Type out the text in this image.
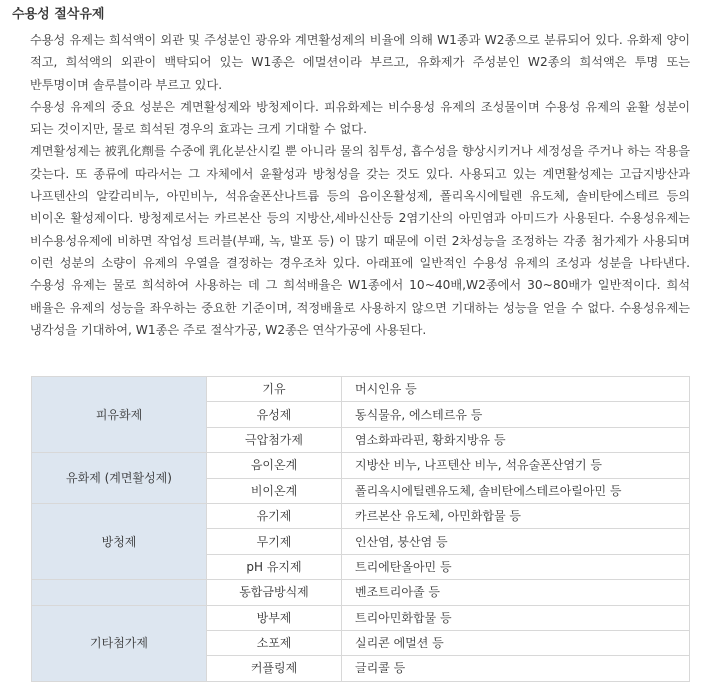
수용성 절삭유제

수용성 유제는 희석액이 외관 및 주성분인 광유와 계면활성제의 비율에 의해 W1종과 W2종으로 분류되어 있다. 유화제 양이 적고, 희석액의 외관이 백탁되어 있는 W1종은 에멀션이라 부르고, 유화제가 주성분인 W2종의 희석액은 투명 또는 반투명이며 솔루블이라 부르고 있다.

수용성 유제의 중요 성분은 계면활성제와 방청제이다. 피유화제는 비수용성 유제의 조성물이며 수용성 유제의 윤활 성분이 되는 것이지만, 물로 희석된 경우의 효과는 크게 기대할 수 없다.

계면활성제는 被乳化劑를 수중에 乳化분산시킬 뿐 아니라 물의 침투성, 흡수성을 향상시키거나 세정성을 주거나 하는 작용을 갖는다. 또 종류에 따라서는 그 자체에서 윤활성과 방청성을 갖는 것도 있다. 사용되고 있는 계면활성제는 고급지방산과 나프텐산의 알칼리비누, 아민비누, 석유술폰산나트륨 등의 음이온활성제, 폴리옥시에틸렌 유도체, 솔비탄에스테르 등의 비이온 활성제이다. 방청제로서는 카르본산 등의 지방산,세바신산등 2염기산의 아민염과 아미드가 사용된다. 수용성유제는 비수용성유제에 비하면 작업성 트러블(부패, 녹, 발포 등) 이 많기 때문에 이런 2차성능을 조정하는 각종 첨가제가 사용되며 이런 성분의 소량이 유제의 우열을 결정하는 경우조차 있다. 아래표에 일반적인 수용성 유제의 조성과 성분을 나타낸다. 수용성 유제는 물로 희석하여 사용하는 데 그 희석배율은 W1종에서 10~40배,W2종에서 30~80배가 일반적이다. 희석 배율은 유제의 성능을 좌우하는 중요한 기준이며, 적정배율로 사용하지 않으면 기대하는 성능을 얻을 수 없다. 수용성유제는 냉각성을 기대하여, W1종은 주로 절삭가공, W2종은 연삭가공에 사용된다.

피유화제	기유	머시인유 등
	유성제	동식물유, 에스테르유 등
	극압첨가제	염소화파라핀, 황화지방유 등
유화제 (계면활성제)	음이온계	지방산 비누, 나프텐산 비누, 석유술폰산염기 등
	비이온계	폴리옥시에틸렌유도체, 솔비탄에스테르아릴아민 등
방청제	유기제	카르본산 유도체, 아민화합물 등
	무기제	인산염, 붕산염 등
	pH 유지제	트리에탄올아민 등
	동합금방식제	벤조트리아졸 등
기타첨가제	방부제	트리아민화합물 등
	소포제	실리콘 에멀션 등
	커플링제	글리콜 등
